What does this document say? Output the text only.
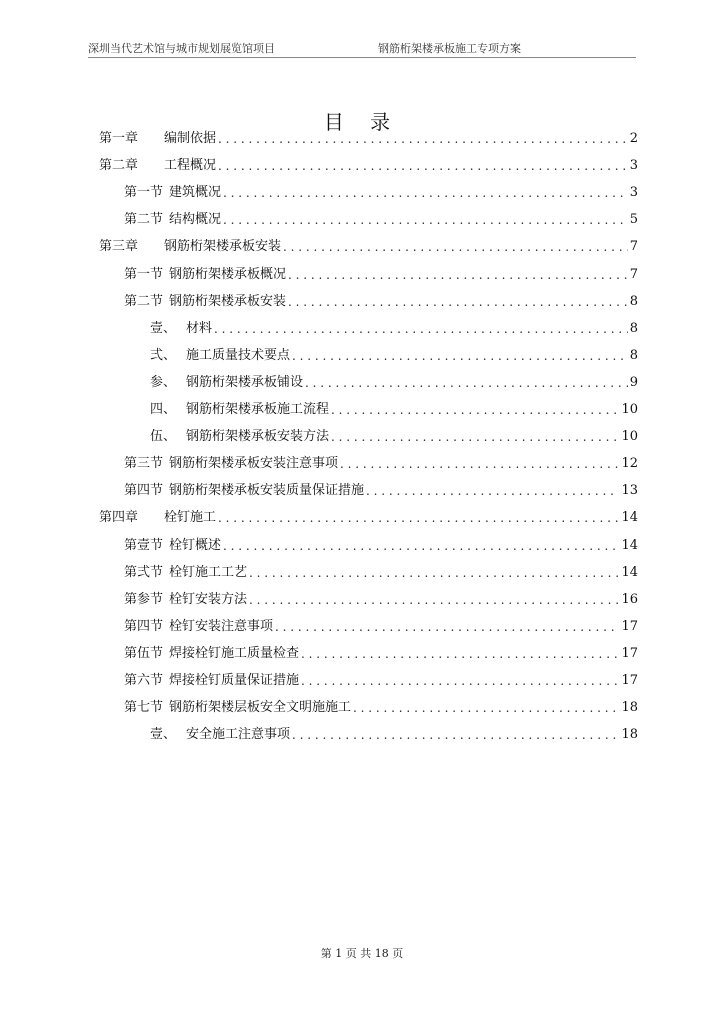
深圳当代艺术馆与城市规划展览馆项目	钢筋桁架楼承板施工专项方案
目 录
第一章 编制依据 . . .	2
第二章 工程概况 . . .	3
第一节 建筑概况 . . .	3
第二节 结构概况 . . .	5
第三章 钢筋桁架楼承板安装 . . .	7
第一节 钢筋桁架楼承板概况 . . .	7
第二节 钢筋桁架楼承板安装 . . .	8
壹、 材料 . . .	8
弍、 施工质量技术要点 . . .	8
参、 钢筋桁架楼承板铺设 . . .	9
四、 钢筋桁架楼承板施工流程 . . .	10
伍、 钢筋桁架楼承板安装方法 . . .	10
第三节 钢筋桁架楼承板安装注意事项 . . .	12
第四节 钢筋桁架楼承板安装质量保证措施 . . .	13
第四章 栓钉施工 . . .	14
第壹节 栓钉概述 . . .	14
第弍节 栓钉施工工艺 . . .	14
第参节 栓钉安装方法 . . .	16
第四节 栓钉安装注意事项 . . .	17
第伍节 焊接栓钉施工质量检查 . . .	17
第六节 焊接栓钉质量保证措施 . . .	17
第七节 钢筋桁架楼层板安全文明施施工 . . .	18
壹、 安全施工注意事项 . . .	18
第 1 页 共 18 页
